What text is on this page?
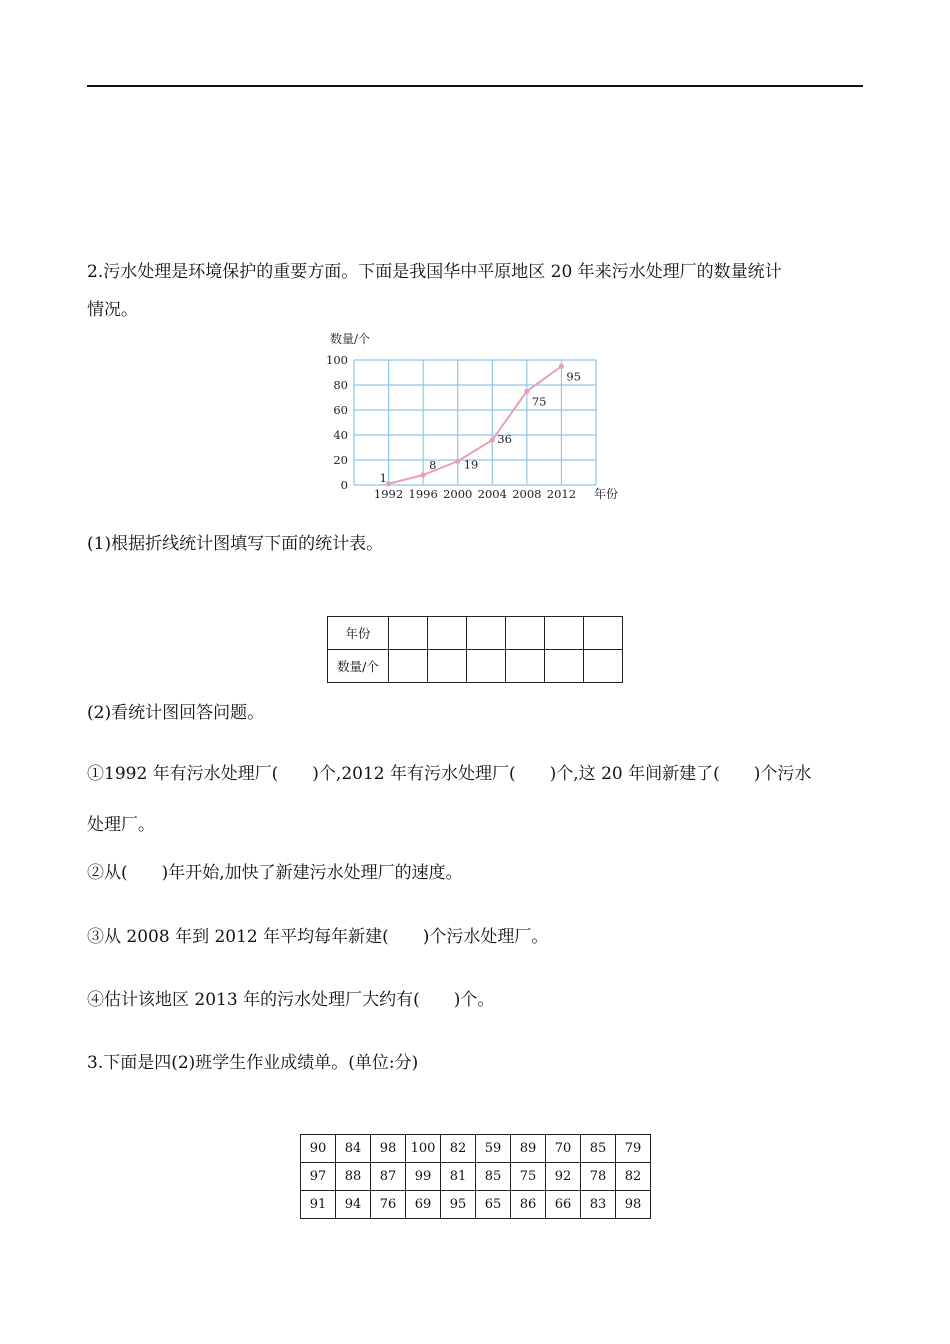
2.污水处理是环境保护的重要方面。下面是我国华中平原地区 20 年来污水处理厂的数量统计
情况。
数量/个
0
20
40
60
80
100
1992 1996 2000 2004 2008 2012
1
8 19
36
75
95
年份
(1)根据折线统计图填写下面的统计表。
年份						
数量/个						
(2)看统计图回答问题。
①1992 年有污水处理厂(　　)个,2012 年有污水处理厂(　　)个,这 20 年间新建了(　　)个污水
处理厂。
②从(　　)年开始,加快了新建污水处理厂的速度。
③从 2008 年到 2012 年平均每年新建(　　)个污水处理厂。
④估计该地区 2013 年的污水处理厂大约有(　　)个。
3.下面是四(2)班学生作业成绩单。(单位:分)
90	84	98	100	82	59	89	70	85	79
97	88	87	99	81	85	75	92	78	82
91	94	76	69	95	65	86	66	83	98
